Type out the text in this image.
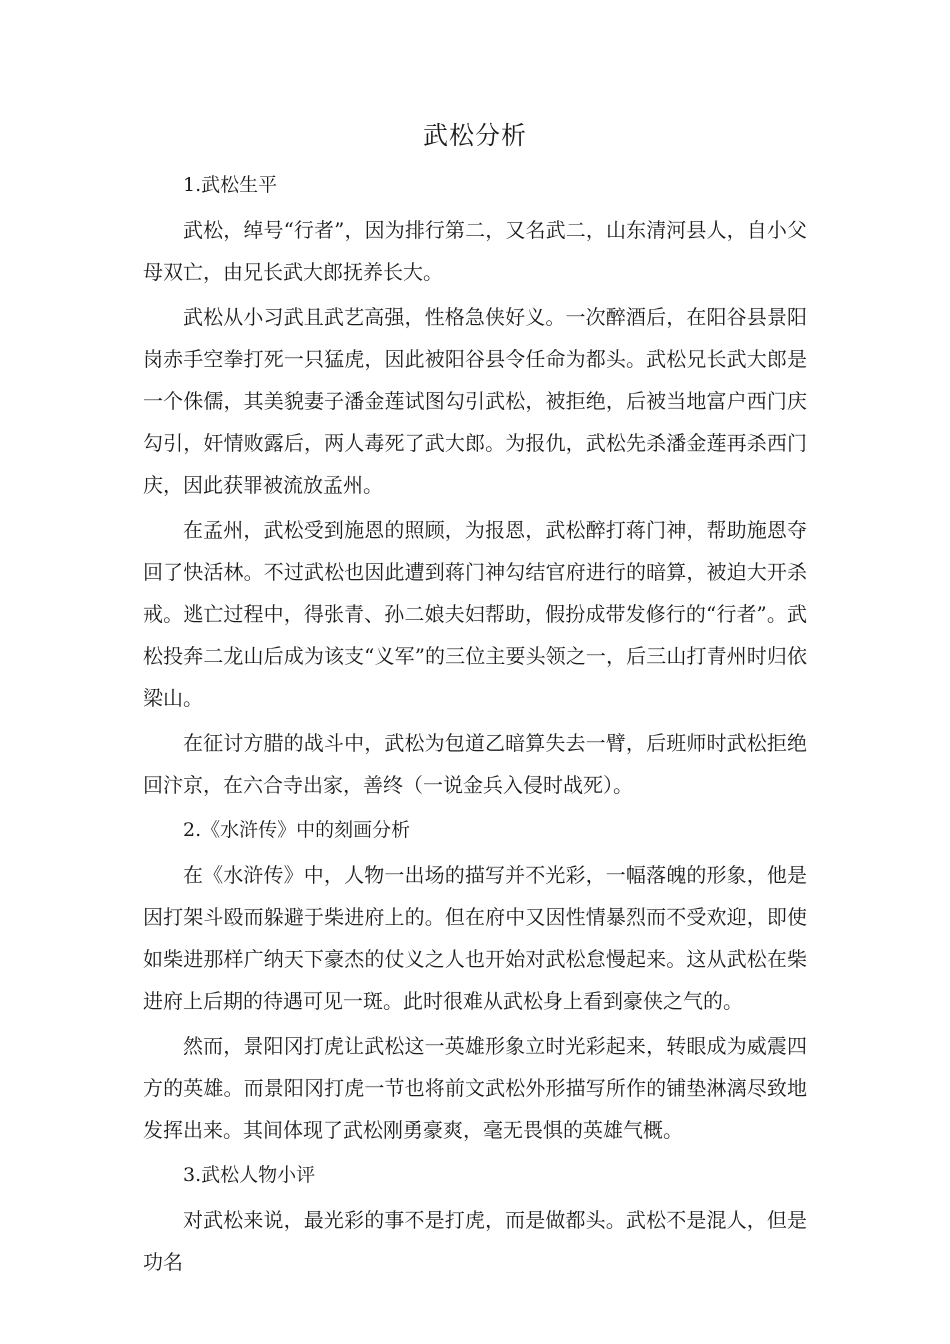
武松分析
1.武松生平

武松，绰号“行者”，因为排行第二，又名武二，山东清河县人，自小父母双亡，由兄长武大郎抚养长大。

武松从小习武且武艺高强，性格急侠好义。一次醉酒后，在阳谷县景阳岗赤手空拳打死一只猛虎，因此被阳谷县令任命为都头。武松兄长武大郎是一个侏儒，其美貌妻子潘金莲试图勾引武松，被拒绝，后被当地富户西门庆勾引，奸情败露后，两人毒死了武大郎。为报仇，武松先杀潘金莲再杀西门庆，因此获罪被流放孟州。

在孟州，武松受到施恩的照顾，为报恩，武松醉打蒋门神，帮助施恩夺回了快活林。不过武松也因此遭到蒋门神勾结官府进行的暗算，被迫大开杀戒。逃亡过程中，得张青、孙二娘夫妇帮助，假扮成带发修行的“行者”。武松投奔二龙山后成为该支“义军”的三位主要头领之一，后三山打青州时归依梁山。

在征讨方腊的战斗中，武松为包道乙暗算失去一臂，后班师时武松拒绝回汴京，在六合寺出家，善终（一说金兵入侵时战死）。

2.《水浒传》中的刻画分析

在《水浒传》中，人物一出场的描写并不光彩，一幅落魄的形象，他是因打架斗殴而躲避于柴进府上的。但在府中又因性情暴烈而不受欢迎，即使如柴进那样广纳天下豪杰的仗义之人也开始对武松怠慢起来。这从武松在柴进府上后期的待遇可见一斑。此时很难从武松身上看到豪侠之气的。

然而，景阳冈打虎让武松这一英雄形象立时光彩起来，转眼成为威震四方的英雄。而景阳冈打虎一节也将前文武松外形描写所作的铺垫淋漓尽致地发挥出来。其间体现了武松刚勇豪爽，毫无畏惧的英雄气概。

3.武松人物小评

对武松来说，最光彩的事不是打虎，而是做都头。武松不是混人，但是功名
